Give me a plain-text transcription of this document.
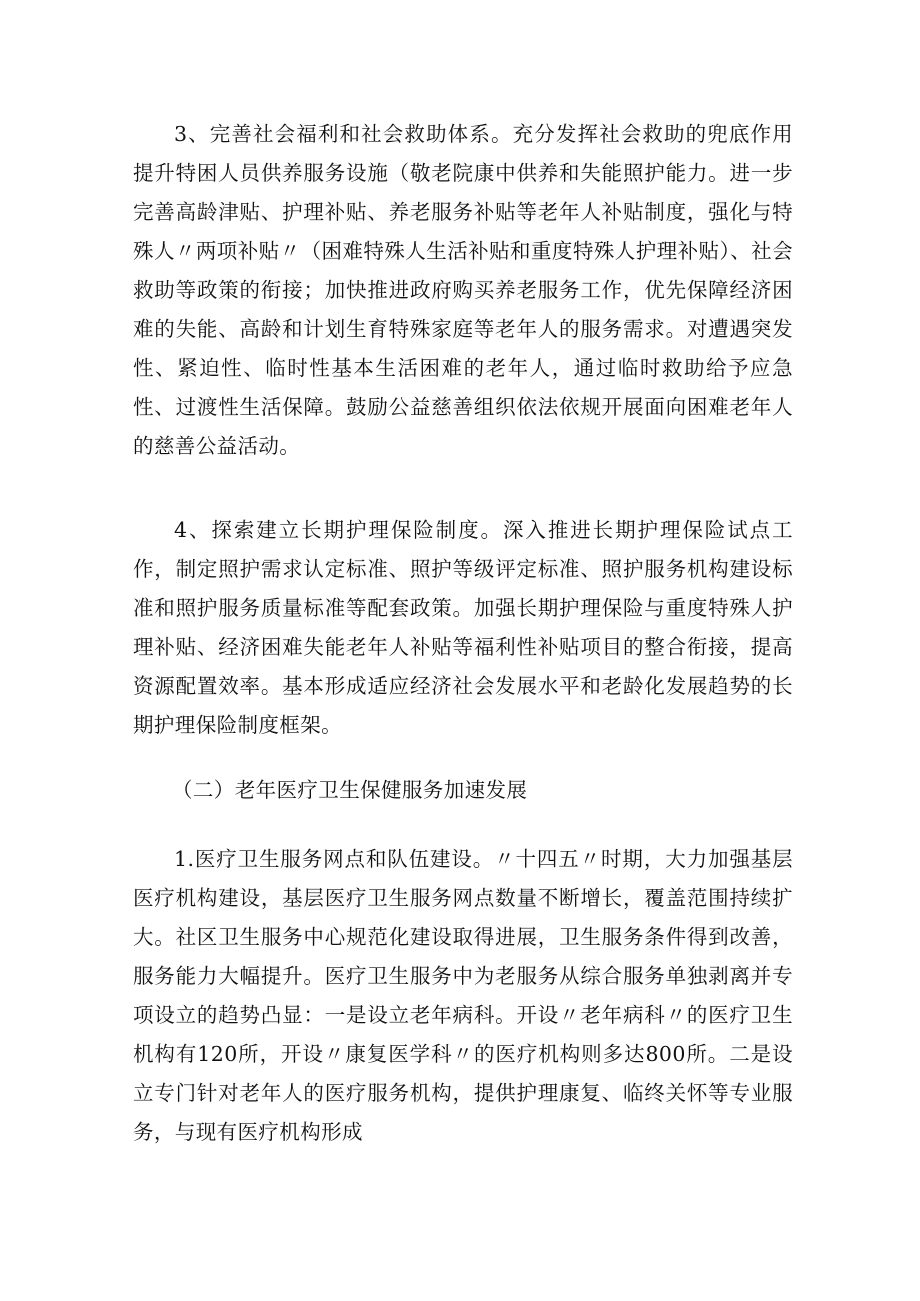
3、完善社会福利和社会救助体系。充分发挥社会救助的兜底作用提升特困人员供养服务设施（敬老院康中供养和失能照护能力。进一步完善高龄津贴、护理补贴、养老服务补贴等老年人补贴制度，强化与特殊人〃两项补贴〃（困难特殊人生活补贴和重度特殊人护理补贴）、社会救助等政策的衔接；加快推进政府购买养老服务工作，优先保障经济困难的失能、高龄和计划生育特殊家庭等老年人的服务需求。对遭遇突发性、紧迫性、临时性基本生活困难的老年人，通过临时救助给予应急性、过渡性生活保障。鼓励公益慈善组织依法依规开展面向困难老年人的慈善公益活动。

4、探索建立长期护理保险制度。深入推进长期护理保险试点工作，制定照护需求认定标准、照护等级评定标准、照护服务机构建设标准和照护服务质量标准等配套政策。加强长期护理保险与重度特殊人护理补贴、经济困难失能老年人补贴等福利性补贴项目的整合衔接，提高资源配置效率。基本形成适应经济社会发展水平和老龄化发展趋势的长期护理保险制度框架。

（二）老年医疗卫生保健服务加速发展

1.医疗卫生服务网点和队伍建设。〃十四五〃时期，大力加强基层医疗机构建设，基层医疗卫生服务网点数量不断增长，覆盖范围持续扩大。社区卫生服务中心规范化建设取得进展，卫生服务条件得到改善，服务能力大幅提升。医疗卫生服务中为老服务从综合服务单独剥离并专项设立的趋势凸显：一是设立老年病科。开设〃老年病科〃的医疗卫生机构有120所，开设〃康复医学科〃的医疗机构则多达800所。二是设立专门针对老年人的医疗服务机构，提供护理康复、临终关怀等专业服务，与现有医疗机构形成
